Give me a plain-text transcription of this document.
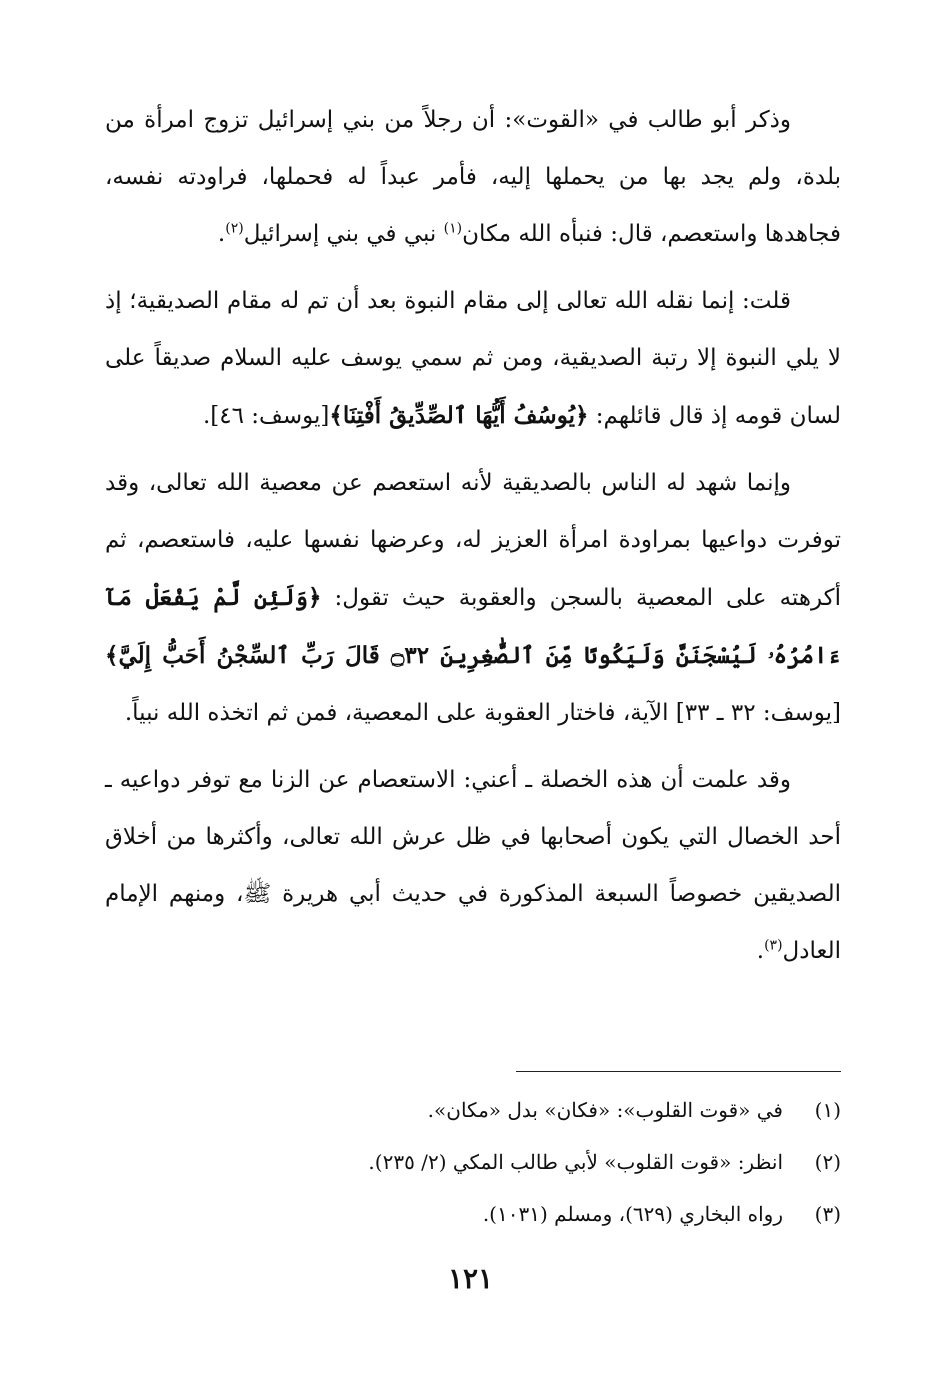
وذكر أبو طالب في «القوت»: أن رجلاً من بني إسرائيل تزوج امرأة من بلدة، ولم يجد بها من يحملها إليه، فأمر عبداً له فحملها، فراودته نفسه، فجاهدها واستعصم، قال: فنبأه الله مكان$^{(١)}$ نبي في بني إسرائيل$^{(٢)}$.

قلت: إنما نقله الله تعالى إلى مقام النبوة بعد أن تم له مقام الصديقية؛ إذ لا يلي النبوة إلا رتبة الصديقية، ومن ثم سمي يوسف عليه السلام صديقاً على لسان قومه إذ قال قائلهم: ﴿يُوسُفُ أَيُّهَا ٱلصِّدِّيقُ أَفْتِنَا﴾[يوسف: ٤٦].

وإنما شهد له الناس بالصديقية لأنه استعصم عن معصية الله تعالى، وقد توفرت دواعيها بمراودة امرأة العزيز له، وعرضها نفسها عليه، فاستعصم، ثم أكرهته على المعصية بالسجن والعقوبة حيث تقول: ﴿وَلَئِن لَّمْ يَفْعَلْ مَآ ءَامُرُهُۥ لَيُسْجَنَنَّ وَلَيَكُونًا مِّنَ ٱلصَّٰغِرِينَ ۝٣٢ قَالَ رَبِّ ٱلسِّجْنُ أَحَبُّ إِلَيَّ﴾[يوسف: ٣٢ ـ ٣٣] الآية، فاختار العقوبة على المعصية، فمن ثم اتخذه الله نبياً.

وقد علمت أن هذه الخصلة ـ أعني: الاستعصام عن الزنا مع توفر دواعيه ـ أحد الخصال التي يكون أصحابها في ظل عرش الله تعالى، وأكثرها من أخلاق الصديقين خصوصاً السبعة المذكورة في حديث أبي هريرة ﷺ، ومنهم الإمام العادل$^{(٣)}$.

(١)في «قوت القلوب»: «فكان» بدل «مكان».
(٢)انظر: «قوت القلوب» لأبي طالب المكي (٢/ ٢٣٥).
(٣)رواه البخاري (٦٢٩)، ومسلم (١٠٣١).
١٢١
